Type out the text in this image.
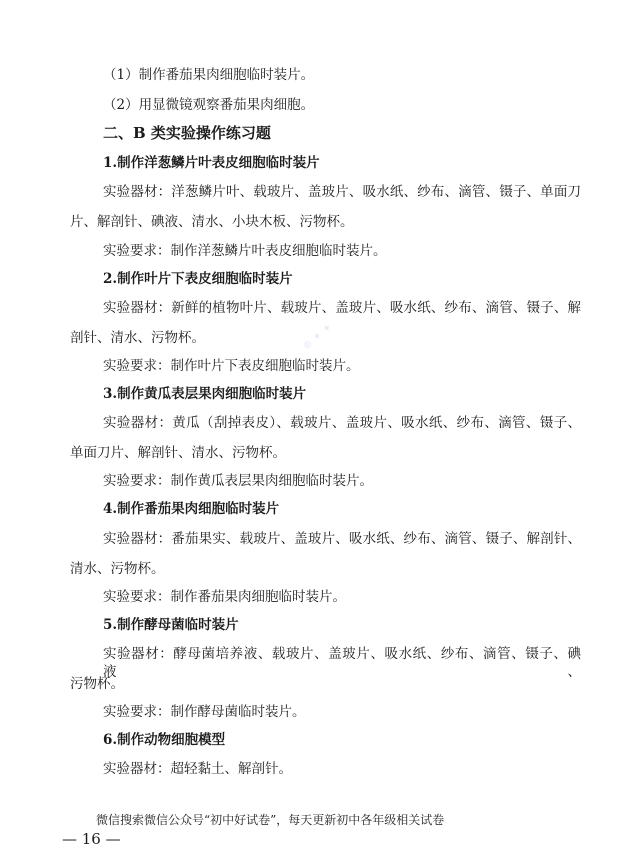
⊕ ✦ ✦
（1）制作番茄果肉细胞临时装片。
（2）用显微镜观察番茄果肉细胞。
二、B 类实验操作练习题
1.制作洋葱鳞片叶表皮细胞临时装片
实验器材：洋葱鳞片叶、载玻片、盖玻片、吸水纸、纱布、滴管、镊子、单面刀
片、解剖针、碘液、清水、小块木板、污物杯。
实验要求：制作洋葱鳞片叶表皮细胞临时装片。
2.制作叶片下表皮细胞临时装片
实验器材：新鲜的植物叶片、载玻片、盖玻片、吸水纸、纱布、滴管、镊子、解
剖针、清水、污物杯。
实验要求：制作叶片下表皮细胞临时装片。
3.制作黄瓜表层果肉细胞临时装片
实验器材：黄瓜（刮掉表皮）、载玻片、盖玻片、吸水纸、纱布、滴管、镊子、
单面刀片、解剖针、清水、污物杯。
实验要求：制作黄瓜表层果肉细胞临时装片。
4.制作番茄果肉细胞临时装片
实验器材：番茄果实、载玻片、盖玻片、吸水纸、纱布、滴管、镊子、解剖针、
清水、污物杯。
实验要求：制作番茄果肉细胞临时装片。
5.制作酵母菌临时装片
实验器材：酵母菌培养液、载玻片、盖玻片、吸水纸、纱布、滴管、镊子、碘液、
污物杯。
实验要求：制作酵母菌临时装片。
6.制作动物细胞模型
实验器材：超轻黏土、解剖针。
微信搜索微信公众号“初中好试卷”，每天更新初中各年级相关试卷
— 16 —
